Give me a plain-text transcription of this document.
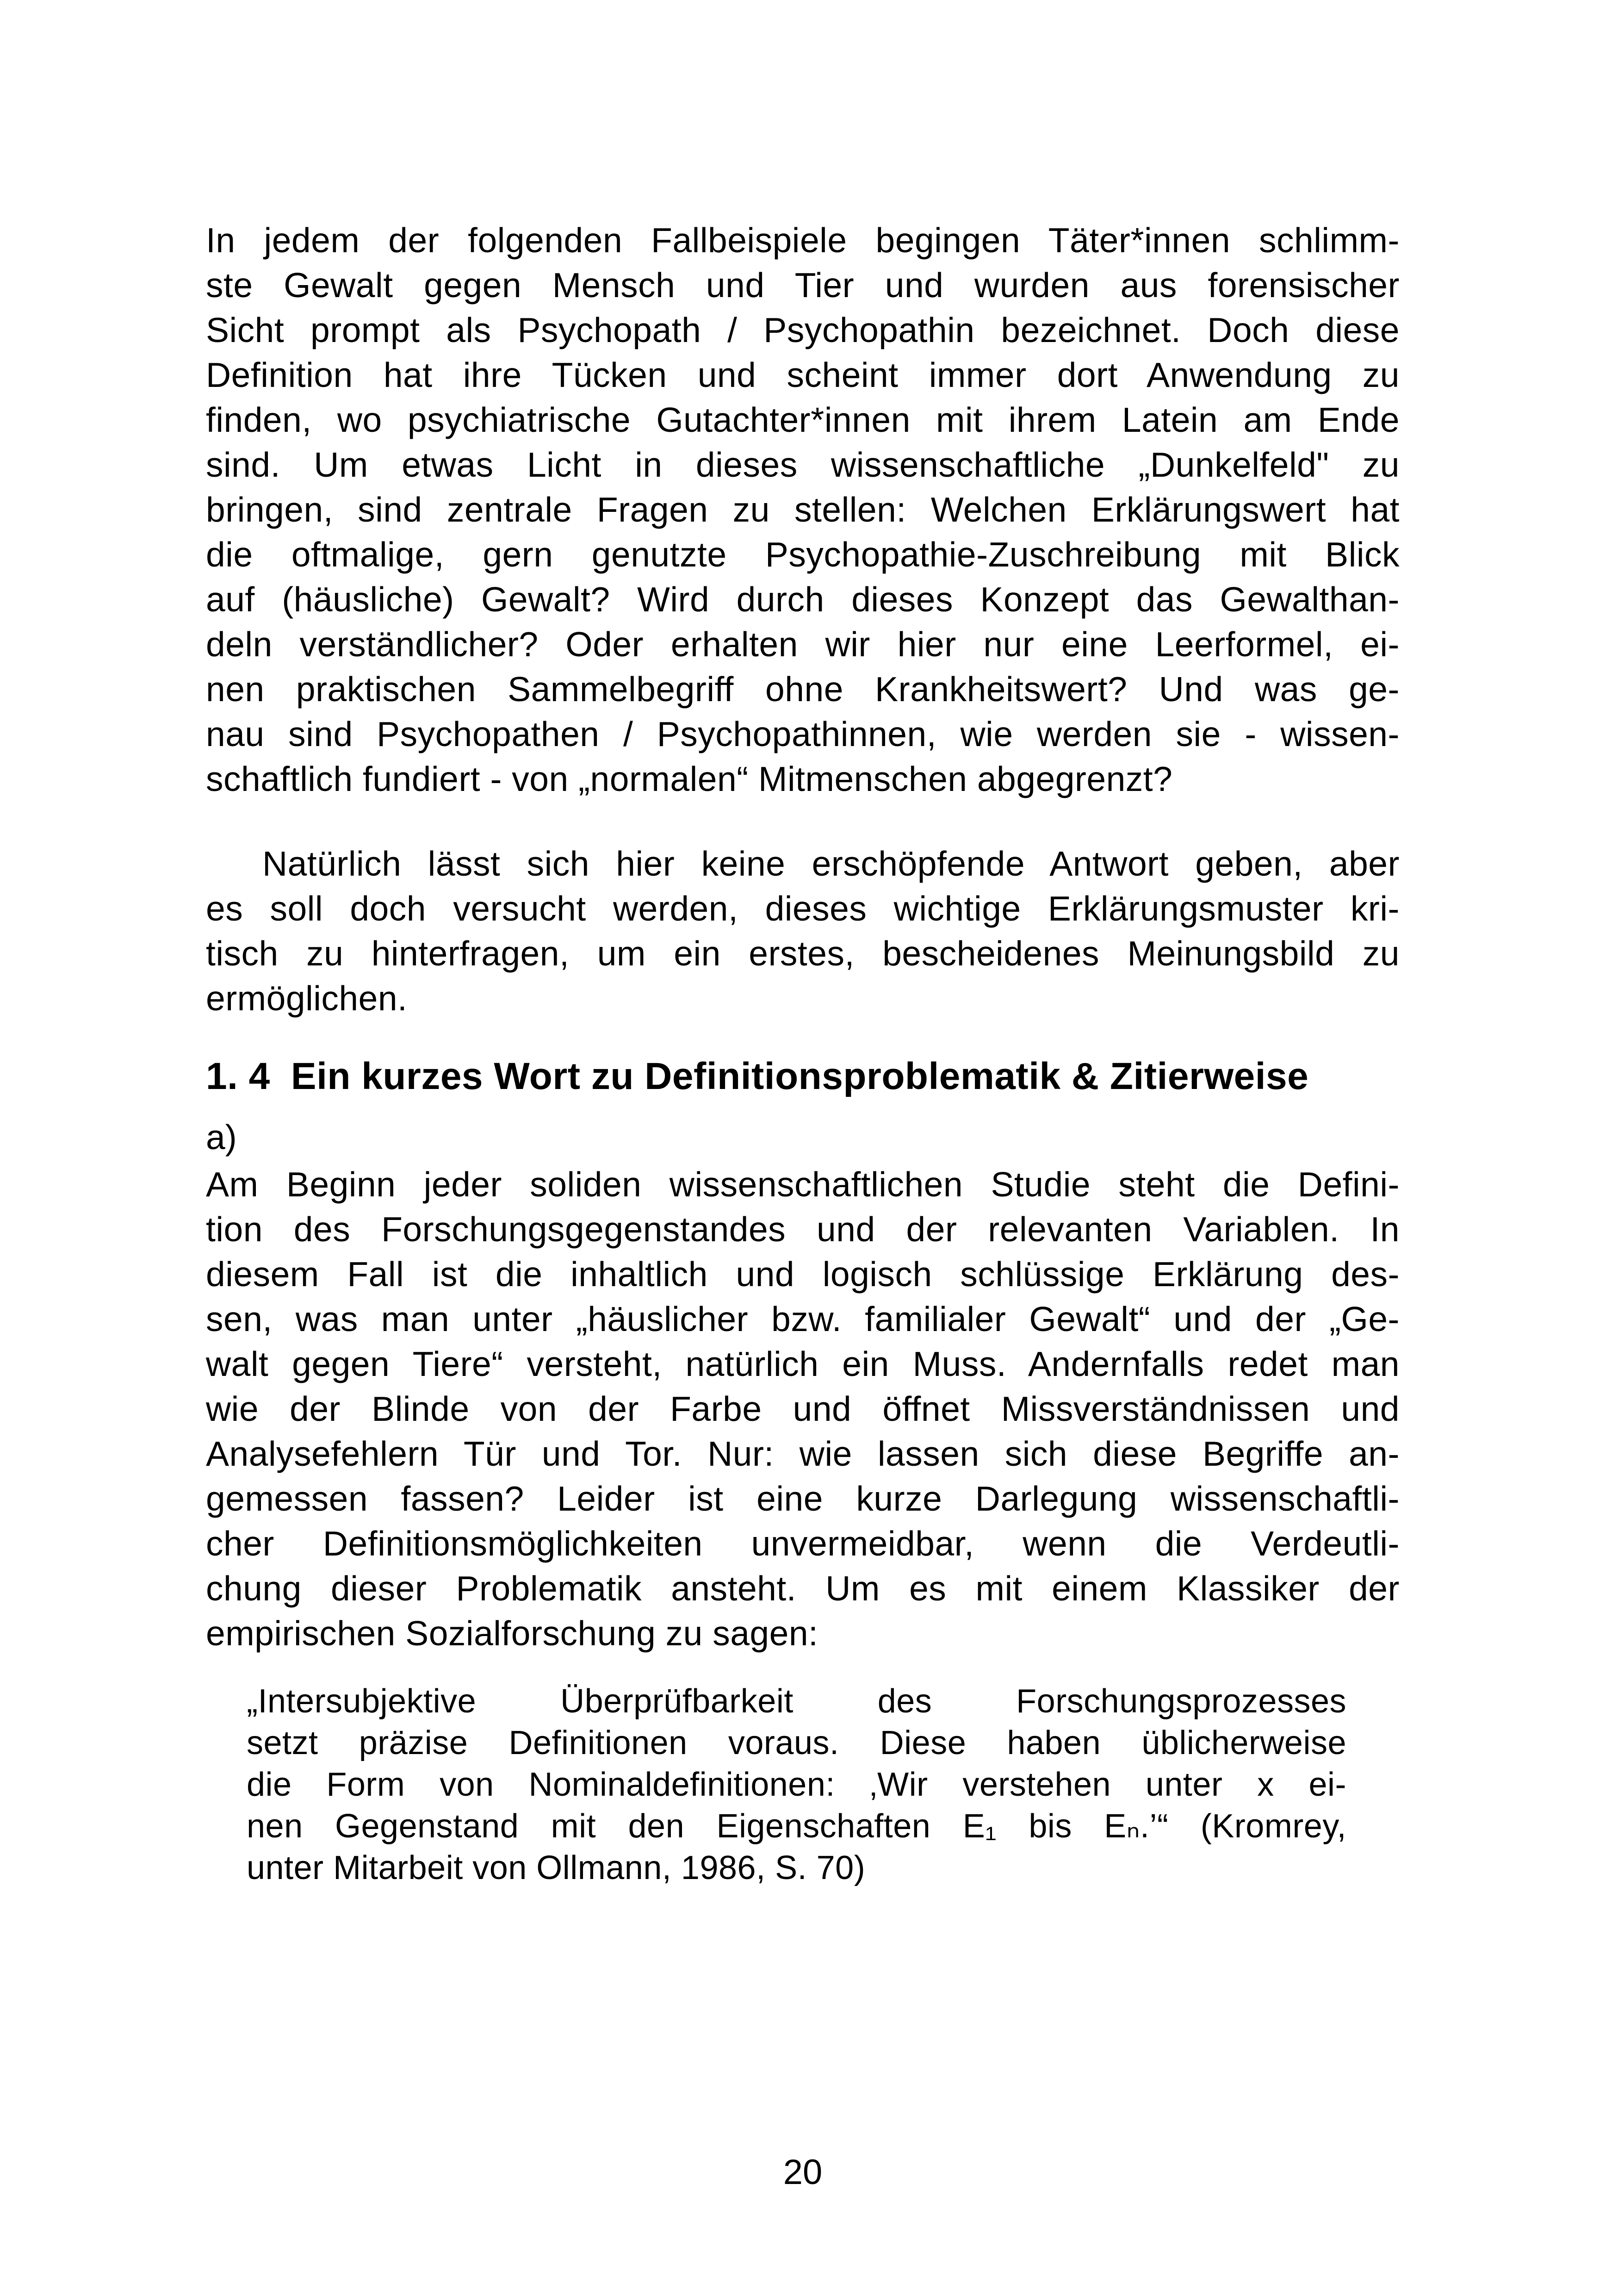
In jedem der folgenden Fallbeispiele begingen Täter*innen schlimm-
ste Gewalt gegen Mensch und Tier und wurden aus forensischer
Sicht prompt als Psychopath / Psychopathin bezeichnet. Doch diese
Definition hat ihre Tücken und scheint immer dort Anwendung zu
finden, wo psychiatrische Gutachter*innen mit ihrem Latein am Ende
sind. Um etwas Licht in dieses wissenschaftliche „Dunkelfeld" zu
bringen, sind zentrale Fragen zu stellen: Welchen Erklärungswert hat
die oftmalige, gern genutzte Psychopathie-Zuschreibung mit Blick
auf (häusliche) Gewalt? Wird durch dieses Konzept das Gewalthan-
deln verständlicher? Oder erhalten wir hier nur eine Leerformel, ei-
nen praktischen Sammelbegriff ohne Krankheitswert? Und was ge-
nau sind Psychopathen / Psychopathinnen, wie werden sie - wissen-
schaftlich fundiert - von „normalen“ Mitmenschen abgegrenzt?

Natürlich lässt sich hier keine erschöpfende Antwort geben, aber
es soll doch versucht werden, dieses wichtige Erklärungsmuster kri-
tisch zu hinterfragen, um ein erstes, bescheidenes Meinungsbild zu
ermöglichen.

1. 4 Ein kurzes Wort zu Definitionsproblematik & Zitierweise
a)

Am Beginn jeder soliden wissenschaftlichen Studie steht die Defini-
tion des Forschungsgegenstandes und der relevanten Variablen. In
diesem Fall ist die inhaltlich und logisch schlüssige Erklärung des-
sen, was man unter „häuslicher bzw. familialer Gewalt“ und der „Ge-
walt gegen Tiere“ versteht, natürlich ein Muss. Andernfalls redet man
wie der Blinde von der Farbe und öffnet Missverständnissen und
Analysefehlern Tür und Tor. Nur: wie lassen sich diese Begriffe an-
gemessen fassen? Leider ist eine kurze Darlegung wissenschaftli-
cher Definitionsmöglichkeiten unvermeidbar, wenn die Verdeutli-
chung dieser Problematik ansteht. Um es mit einem Klassiker der
empirischen Sozialforschung zu sagen:

„Intersubjektive Überprüfbarkeit des Forschungsprozesses
setzt präzise Definitionen voraus. Diese haben üblicherweise
die Form von Nominaldefinitionen: ‚Wir verstehen unter x ei-
nen Gegenstand mit den Eigenschaften E₁ bis Eₙ.’“ (Kromrey,
unter Mitarbeit von Ollmann, 1986, S. 70)
20
